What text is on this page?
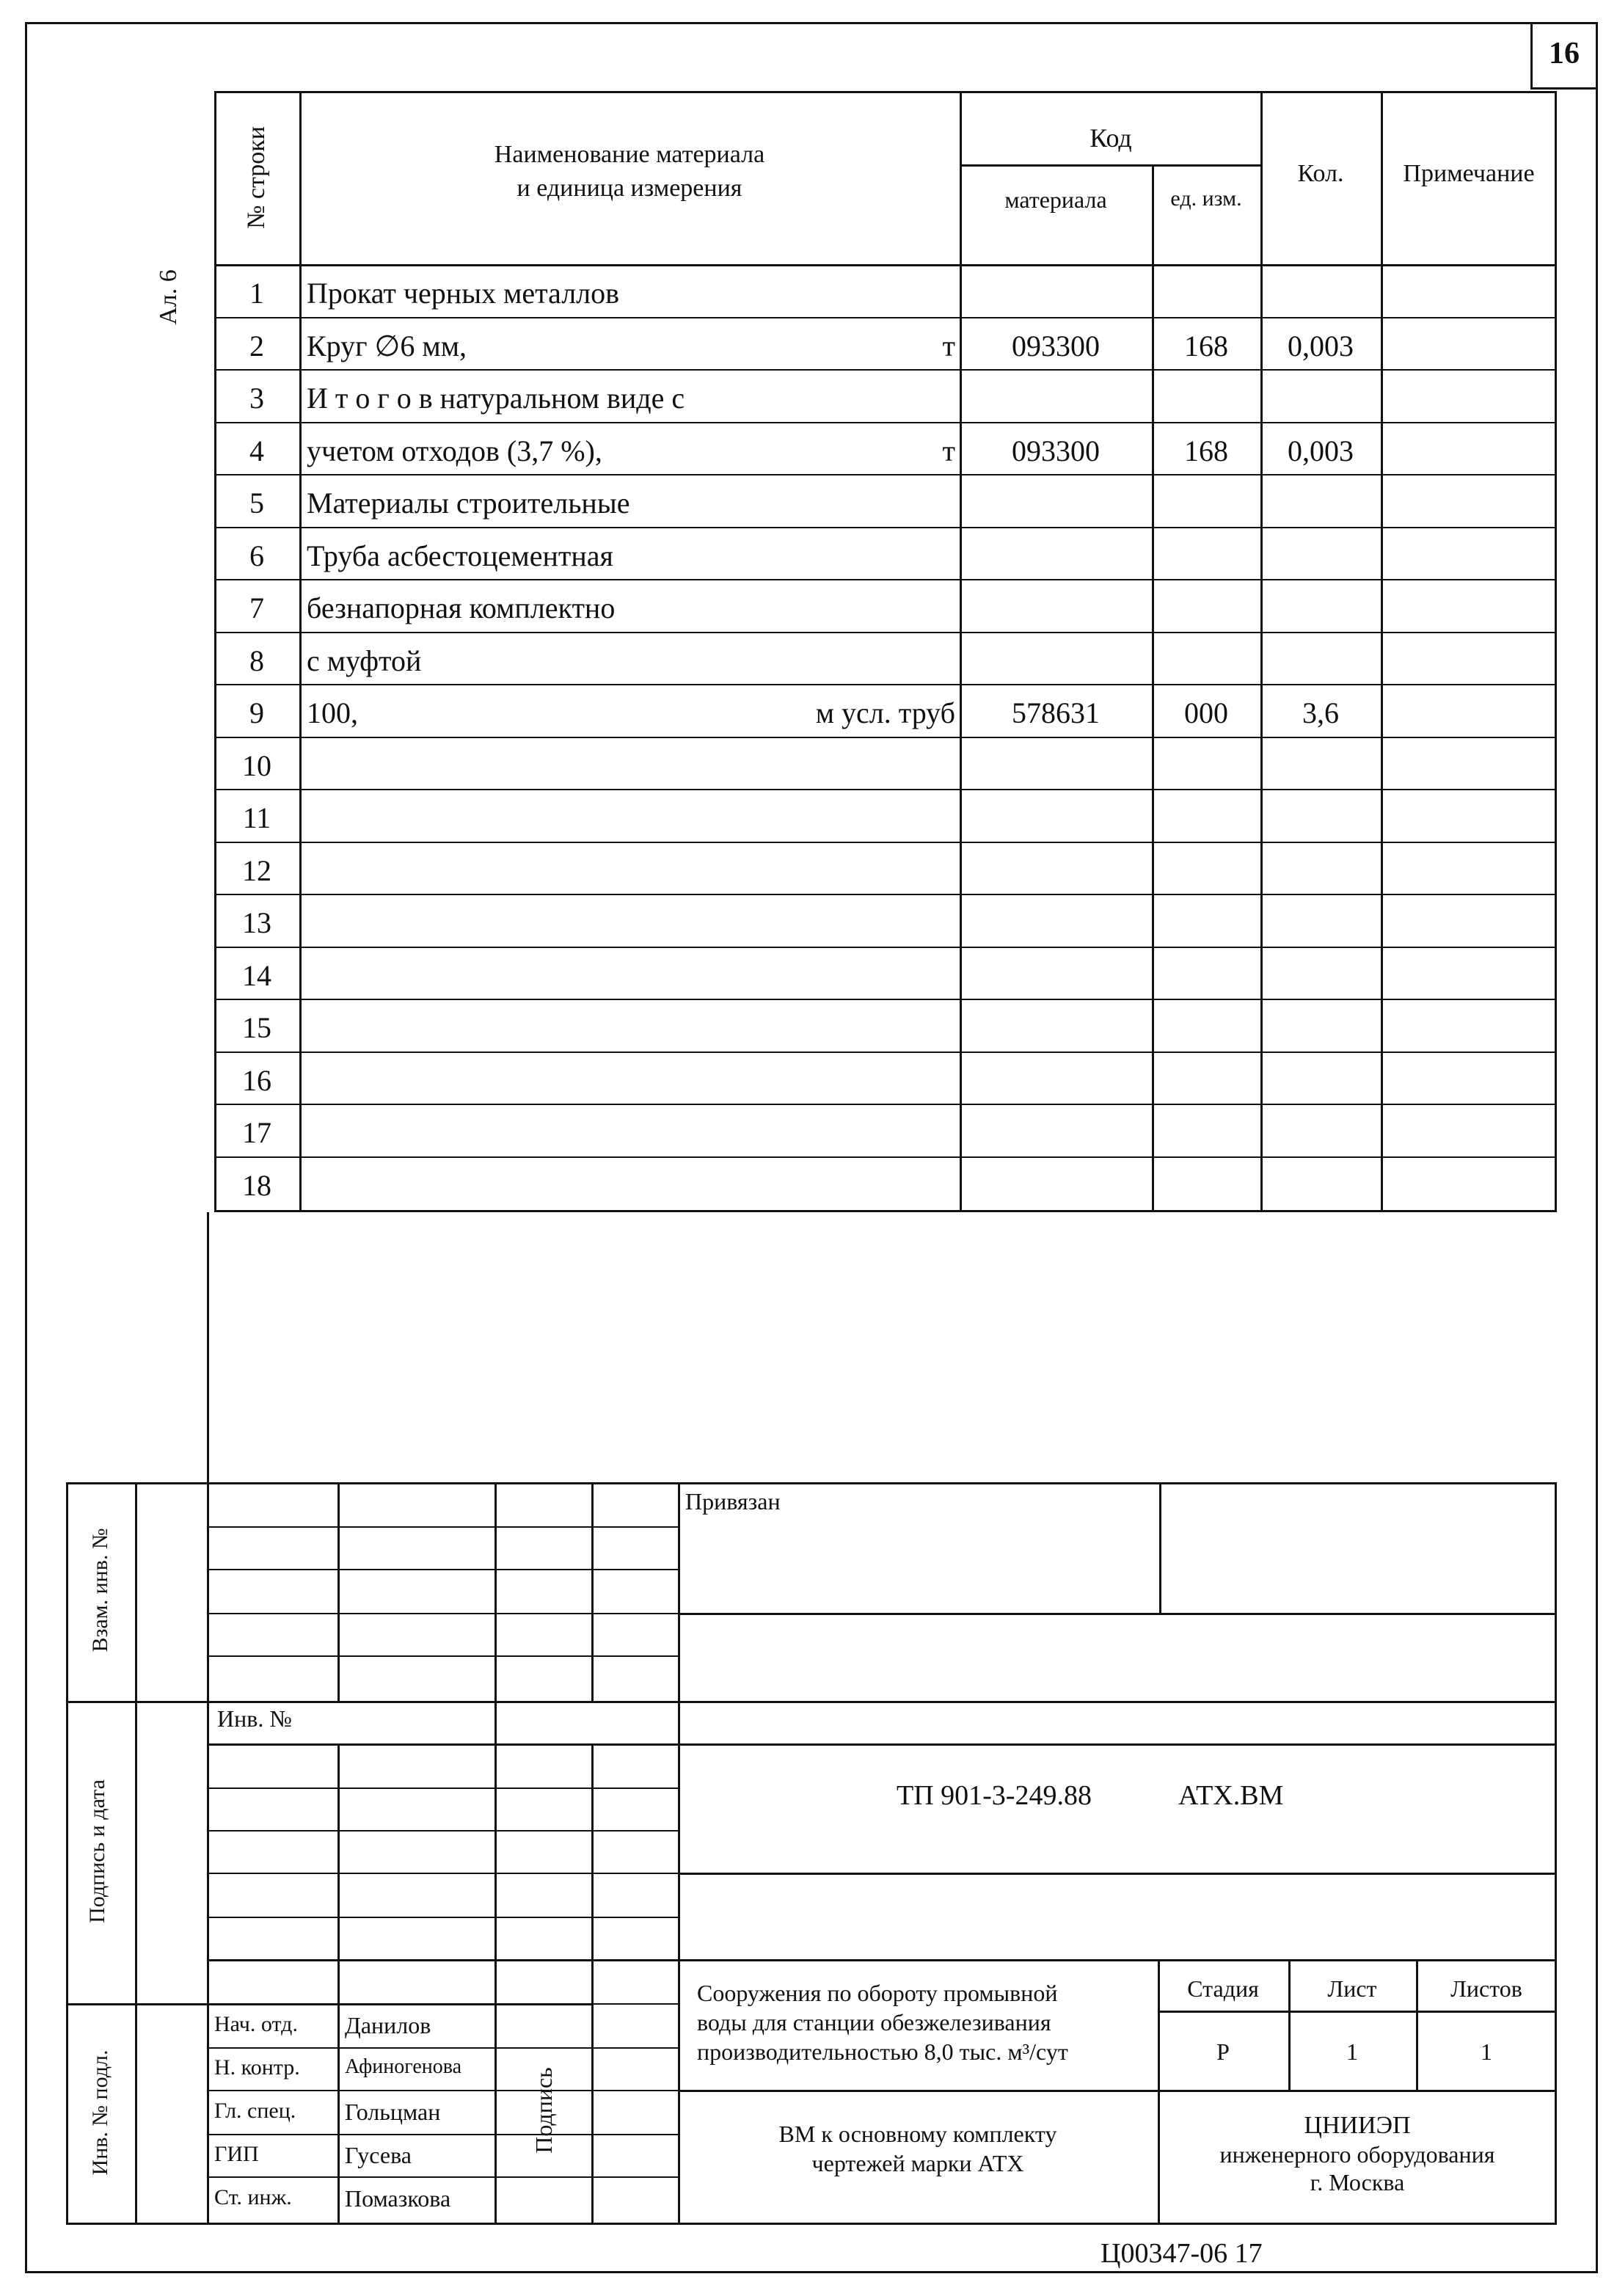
16
Ал. 6
№ строки	Наименование материала
и единица измерения
Код
материала	ед. изм.
Кол.	Примечание
1	Прокат черных металлов
2	Круг ∅6 мм,	т	093300	168	0,003
3	И т о г о в натуральном виде с
4	учетом отходов (3,7 %),	т	093300	168	0,003
5	Материалы строительные
6	Труба асбестоцементная
7	безнапорная комплектно
8	с муфтой
9	100,	м усл. труб	578631	000	3,6
10
11
12
13
14
15
16
17
18
Взам. инв. №
Подпись и дата
Инв. № подл.
Привязан
Инв. №
ТП 901-3-249.88	АТХ.ВМ
Нач. отд. Данилов
Н. контр. Афиногенова
Гл. спец. Гольцман
ГИП	Гусева
Ст. инж. Помазкова
Подпись
Сооружения по обороту промывной
воды для станции обезжелезивания
производительностью 8,0 тыс. м³/сут
Стадия	Лист	Листов
Р	1	1
ВМ к основному комплекту
чертежей марки АТХ
ЦНИИЭП
инженерного оборудования
г. Москва
Ц00347-06 17
